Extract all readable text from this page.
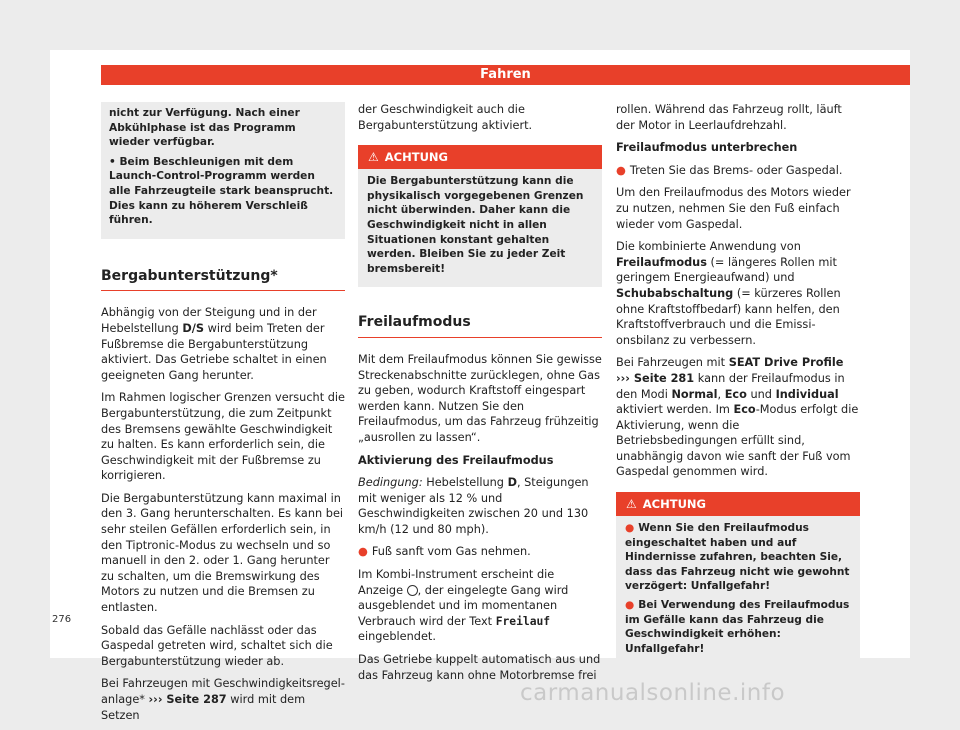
Fahren

nicht zur Verfügung. Nach einer Abkühlphase ist das Programm wieder verfügbar.

• Beim Beschleunigen mit dem Launch-Control-Programm werden alle Fahrzeugteile stark beansprucht. Dies kann zu höherem Verschleiß führen.

Bergabunterstützung*

Abhängig von der Steigung und in der Hebelstellung D/S wird beim Treten der Fußbremse die Bergabunterstützung aktiviert. Das Getriebe schaltet in einen geeigneten Gang herunter.

Im Rahmen logischer Grenzen versucht die Bergabunterstützung, die zum Zeitpunkt des Bremsens gewählte Geschwindigkeit zu halten. Es kann erforderlich sein, die Geschwindigkeit mit der Fußbremse zu korrigieren.

Die Bergabunterstützung kann maximal in den 3. Gang herunterschalten. Es kann bei sehr steilen Gefällen erforderlich sein, in den Tiptronic-Modus zu wechseln und so manuell in den 2. oder 1. Gang herunter zu schalten, um die Bremswirkung des Motors zu nutzen und die Bremsen zu entlasten.

Sobald das Gefälle nachlässt oder das Gaspedal getreten wird, schaltet sich die Bergabunterstützung wieder ab.

Bei Fahrzeugen mit Geschwindigkeitsregelanlage* ››› Seite 287 wird mit dem Setzen

der Geschwindigkeit auch die Bergabunterstützung aktiviert.

⚠ ACHTUNG

Die Bergabunterstützung kann die physikalisch vorgegebenen Grenzen nicht überwinden. Daher kann die Geschwindigkeit nicht in allen Situationen konstant gehalten werden. Bleiben Sie zu jeder Zeit bremsbereit!

Freilaufmodus

Mit dem Freilaufmodus können Sie gewisse Streckenabschnitte zurücklegen, ohne Gas zu geben, wodurch Kraftstoff eingespart werden kann. Nutzen Sie den Freilaufmodus, um das Fahrzeug frühzeitig „ausrollen zu lassen“.

Aktivierung des Freilaufmodus

Bedingung: Hebelstellung D, Steigungen mit weniger als 12 % und Geschwindigkeiten zwischen 20 und 130 km/h (12 und 80 mph).

● Fuß sanft vom Gas nehmen.

Im Kombi-Instrument erscheint die Anzeige , der eingelegte Gang wird ausgeblendet und im momentanen Verbrauch wird der Text Freilauf eingeblendet.

Das Getriebe kuppelt automatisch aus und das Fahrzeug kann ohne Motorbremse frei

rollen. Während das Fahrzeug rollt, läuft der Motor in Leerlaufdrehzahl.

Freilaufmodus unterbrechen

● Treten Sie das Brems- oder Gaspedal.

Um den Freilaufmodus des Motors wieder zu nutzen, nehmen Sie den Fuß einfach wieder vom Gaspedal.

Die kombinierte Anwendung von Freilaufmodus (= längeres Rollen mit geringem Energieaufwand) und Schubabschaltung (= kürzeres Rollen ohne Kraftstoffbedarf) kann helfen, den Kraftstoffverbrauch und die Emissionsbilanz zu verbessern.

Bei Fahrzeugen mit SEAT Drive Profile
››› Seite 281 kann der Freilaufmodus in den Modi Normal, Eco und Individual aktiviert werden. Im Eco-Modus erfolgt die Aktivierung, wenn die Betriebsbedingungen erfüllt sind, unabhängig davon wie sanft der Fuß vom Gaspedal genommen wird.

⚠ ACHTUNG

● Wenn Sie den Freilaufmodus eingeschaltet haben und auf Hindernisse zufahren, beachten Sie, dass das Fahrzeug nicht wie gewohnt verzögert: Unfallgefahr!

● Bei Verwendung des Freilaufmodus im Gefälle kann das Fahrzeug die Geschwindigkeit erhöhen: Unfallgefahr!

276
carmanualsonline.info
